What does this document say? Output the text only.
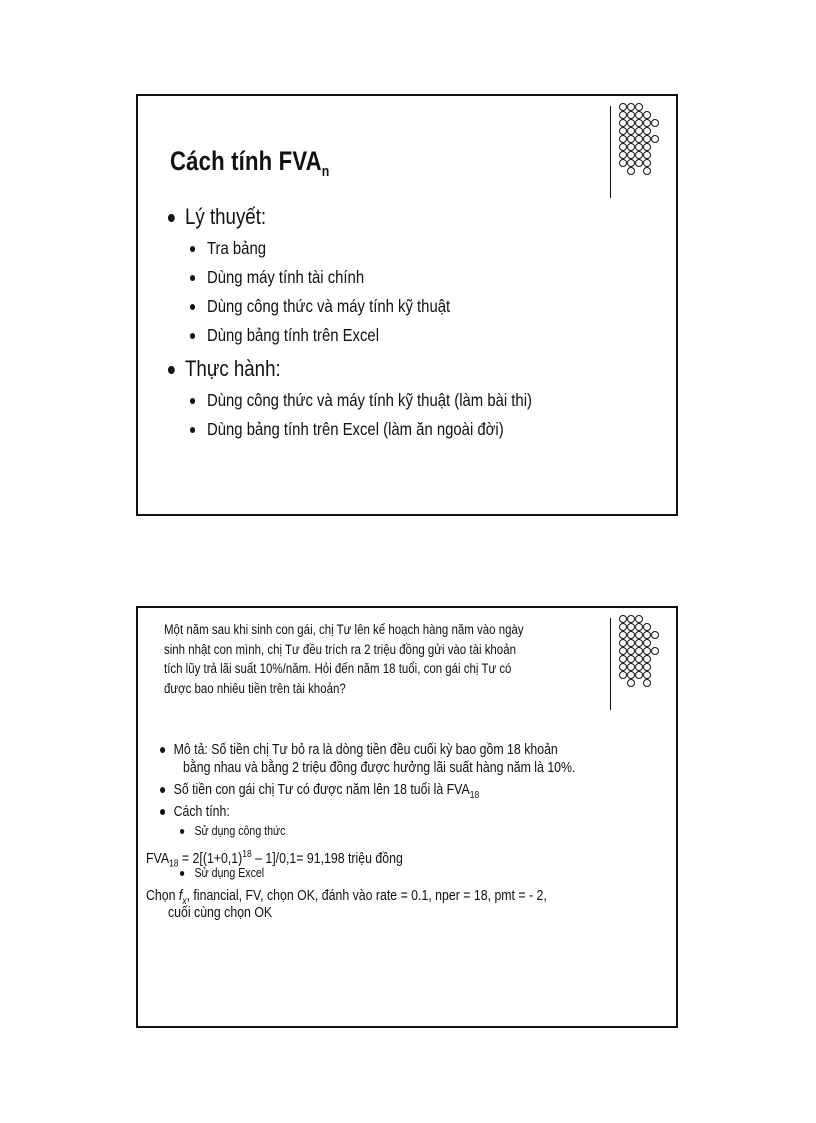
Cách tính $FVA_n$
Lý thuyết:
Tra bảng
Dùng máy tính tài chính
Dùng công thức và máy tính kỹ thuật
Dùng bảng tính trên Excel
Thực hành:
Dùng công thức và máy tính kỹ thuật (làm bài thi)
Dùng bảng tính trên Excel (làm ăn ngoài đời)
Một năm sau khi sinh con gái, chị Tư lên kế hoạch hàng năm vào ngày
sinh nhật con mình, chị Tư đều trích ra 2 triệu đồng gửi vào tài khoản
tích lũy trả lãi suất 10%/năm. Hỏi đến năm 18 tuổi, con gái chị Tư có
được bao nhiêu tiền trên tài khoản?
Mô tả: Số tiền chị Tư bỏ ra là dòng tiền đều cuối kỳ bao gồm 18 khoản
bằng nhau và bằng 2 triệu đồng được hưởng lãi suất hàng năm là 10%.
Số tiền con gái chị Tư có được năm lên 18 tuổi là $FVA_{18}$
Cách tính:
Sử dụng công thức
$FVA_{18} = 2[(1+0,1)^{18} - 1]/0,1= 91,198$ triệu đồng
Sử dụng Excel
Chọn $f_x$, financial, FV, chọn OK, đánh vào rate = 0.1, nper = 18, pmt = - 2,
cuối cùng chọn OK
